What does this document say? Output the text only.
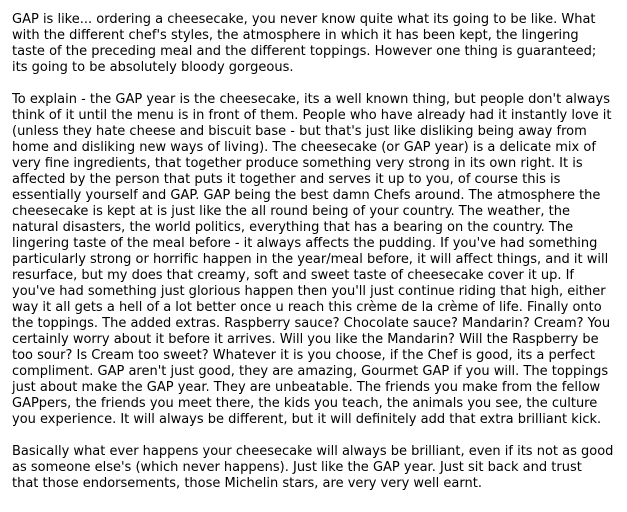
GAP is like... ordering a cheesecake, you never know quite what its going to be like. What
with the different chef's styles, the atmosphere in which it has been kept, the lingering
taste of the preceding meal and the different toppings. However one thing is guaranteed;
its going to be absolutely bloody gorgeous.
To explain - the GAP year is the cheesecake, its a well known thing, but people don't always
think of it until the menu is in front of them. People who have already had it instantly love it
(unless they hate cheese and biscuit base - but that's just like disliking being away from
home and disliking new ways of living). The cheesecake (or GAP year) is a delicate mix of
very fine ingredients, that together produce something very strong in its own right. It is
affected by the person that puts it together and serves it up to you, of course this is
essentially yourself and GAP. GAP being the best damn Chefs around. The atmosphere the
cheesecake is kept at is just like the all round being of your country. The weather, the
natural disasters, the world politics, everything that has a bearing on the country. The
lingering taste of the meal before - it always affects the pudding. If you've had something
particularly strong or horrific happen in the year/meal before, it will affect things, and it will
resurface, but my does that creamy, soft and sweet taste of cheesecake cover it up. If
you've had something just glorious happen then you'll just continue riding that high, either
way it all gets a hell of a lot better once u reach this crème de la crème of life. Finally onto
the toppings. The added extras. Raspberry sauce? Chocolate sauce? Mandarin? Cream? You
certainly worry about it before it arrives. Will you like the Mandarin? Will the Raspberry be
too sour? Is Cream too sweet? Whatever it is you choose, if the Chef is good, its a perfect
compliment. GAP aren't just good, they are amazing, Gourmet GAP if you will. The toppings
just about make the GAP year. They are unbeatable. The friends you make from the fellow
GAPpers, the friends you meet there, the kids you teach, the animals you see, the culture
you experience. It will always be different, but it will definitely add that extra brilliant kick.
Basically what ever happens your cheesecake will always be brilliant, even if its not as good
as someone else's (which never happens). Just like the GAP year. Just sit back and trust
that those endorsements, those Michelin stars, are very very well earnt.
